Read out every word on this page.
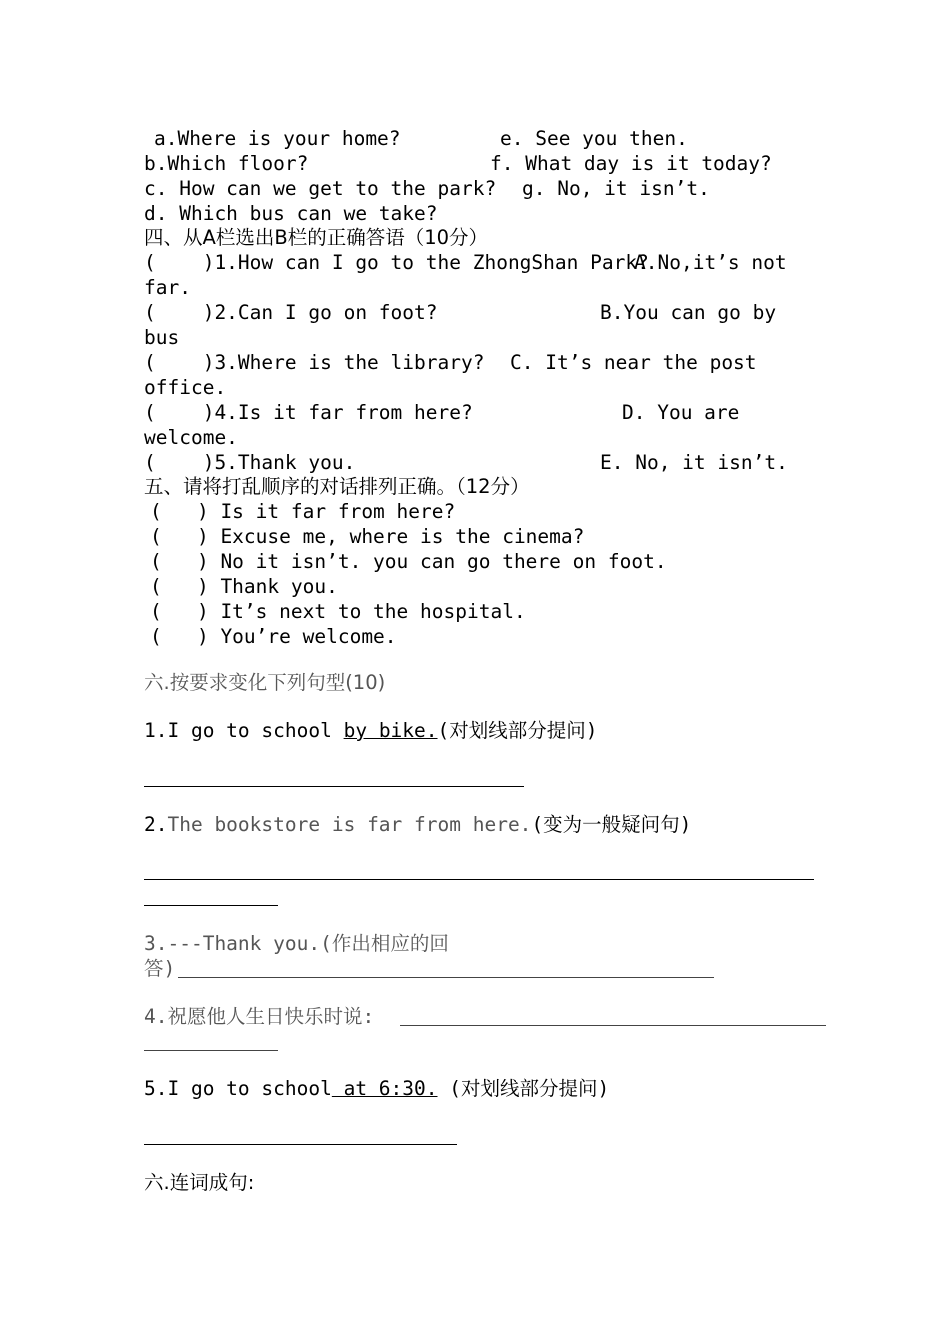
a.Where is your home?	e. See you then.
b.Which floor?	f. What day is it today?
c. How can we get to the park? g. No, it isn’t.
d. Which bus can we take?
四、从A栏选出B栏的正确答语（10分）
(    )1.How can I go to the ZhongShan Park?
A.No,it’s not
far.
(    )2.Can I go on foot?	B.You can go by
bus
(    )3.Where is the library? C. It’s near the post
office.
(    )4.Is it far from here?	D. You are
welcome.
(    )5.Thank you.	E. No, it isn’t.
五、请将打乱顺序的对话排列正确。（12分）
(   ) Is it far from here?
(   ) Excuse me, where is the cinema?
(   ) No it isn’t. you can go there on foot.
(   ) Thank you.
(   ) It’s next to the hospital.
(   ) You’re welcome.
六.按要求变化下列句型(10)
1.I go to school by bike.(对划线部分提问)
2.The bookstore is far from here.(变为一般疑问句)
3.---Thank you.(作出相应的回
答)
4.祝愿他人生日快乐时说:
5.I go to school at 6:30. (对划线部分提问)
六.连词成句:
